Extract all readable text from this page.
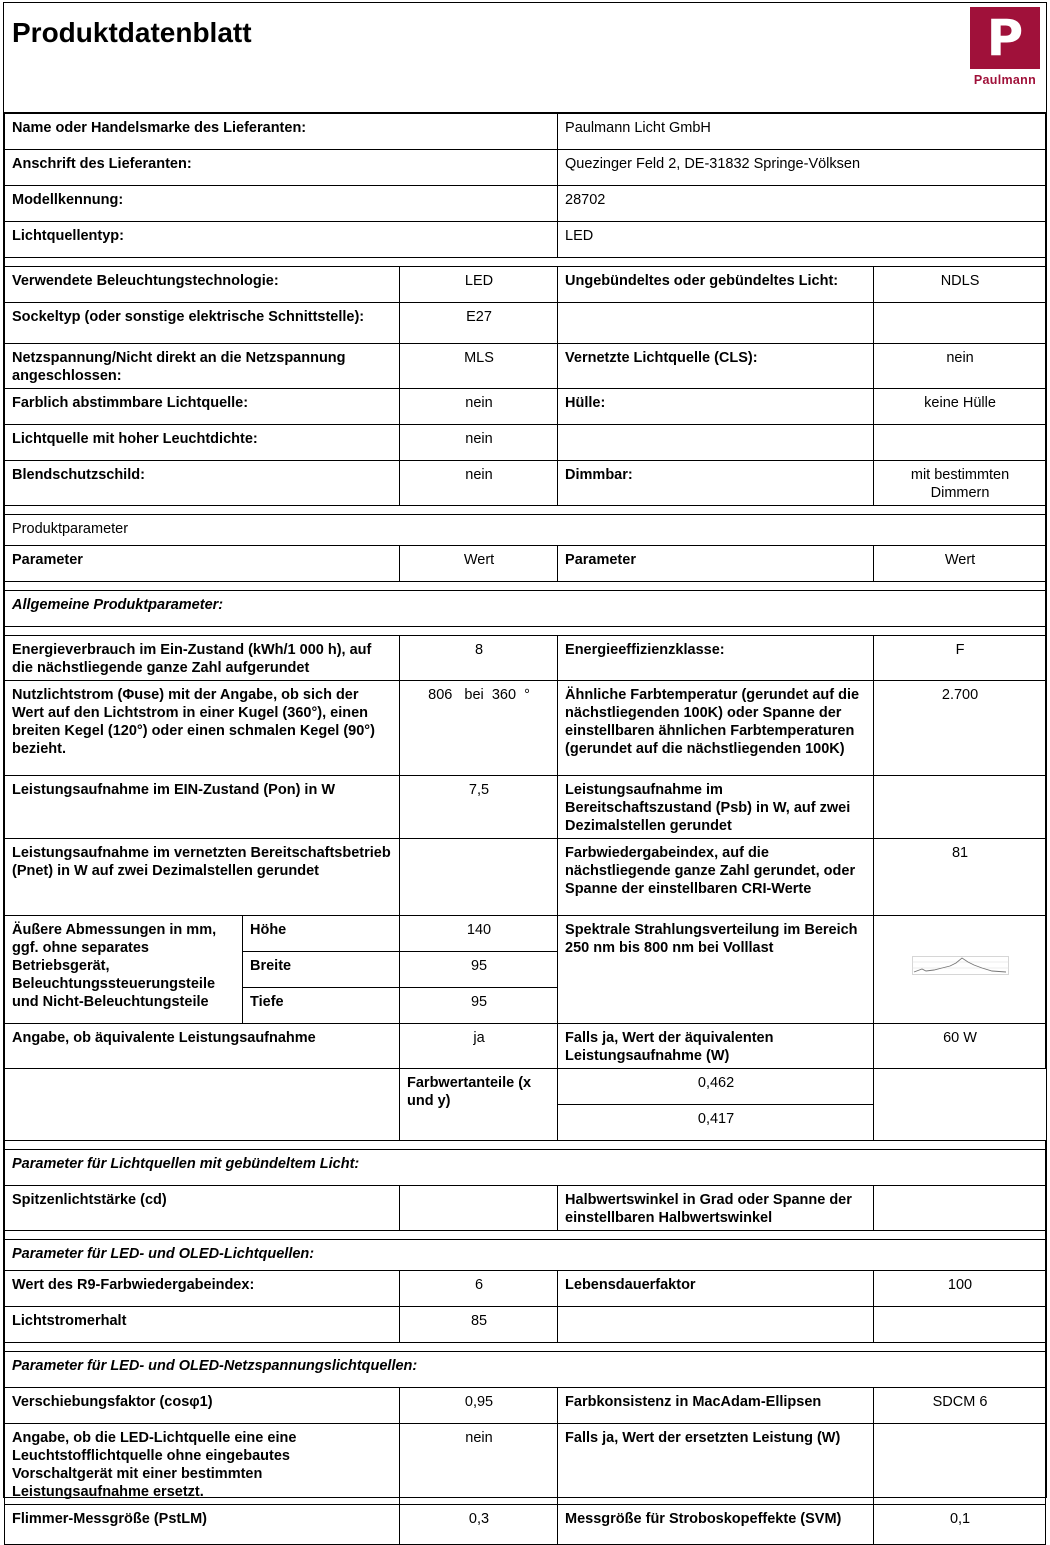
Produktdatenblatt	P
Paulmann
Name oder Handelsmarke des Lieferanten:			Paulmann Licht GmbH	
Anschrift des Lieferanten:			Quezinger Feld 2, DE-31832 Springe-Völksen	
Modellkennung:			28702	
Lichtquellentyp:			LED	

Verwendete Beleuchtungstechnologie:		LED	Ungebündeltes oder gebündeltes Licht:	NDLS
Sockeltyp (oder sonstige elektrische Schnittstelle):		E27		
Netzspannung/Nicht direkt an die Netzspannung angeschlossen:		MLS	Vernetzte Lichtquelle (CLS):	nein
Farblich abstimmbare Lichtquelle:		nein	Hülle:	keine Hülle
Lichtquelle mit hoher Leuchtdichte:		nein		
Blendschutzschild:		nein	Dimmbar:	mit bestimmten Dimmern

Produktparameter				
Parameter		Wert	Parameter	Wert

Allgemeine Produktparameter:				

Energieverbrauch im Ein-Zustand (kWh/1 000 h), auf die nächstliegende ganze Zahl aufgerundet		8	Energieeffizienzklasse:	F
Nutzlichtstrom (Φuse) mit der Angabe, ob sich der Wert auf den Lichtstrom in einer Kugel (360°), einen breiten Kegel (120°) oder einen schmalen Kegel (90°) bezieht.		806   bei  360  °	Ähnliche Farbtemperatur (gerundet auf die nächstliegenden 100K) oder Spanne der einstellbaren ähnlichen Farbtemperaturen (gerundet auf die nächstliegenden 100K)	2.700
Leistungsaufnahme im EIN-Zustand (Pon) in W		7,5	Leistungsaufnahme im Bereitschaftszustand (Psb) in W, auf zwei Dezimalstellen gerundet	
Leistungsaufnahme im vernetzten Bereitschaftsbetrieb (Pnet) in W auf zwei Dezimalstellen gerundet			Farbwiedergabeindex, auf die nächstliegende ganze Zahl gerundet, oder Spanne der einstellbaren CRI-Werte	81
Äußere Abmessungen in mm, ggf. ohne separates Betriebsgerät, Beleuchtungssteuerungsteile und Nicht-Beleuchtungsteile	Höhe	140	Spektrale Strahlungsverteilung im Bereich 250 nm bis 800 nm bei Volllast	

	Breite	95		
	Tiefe	95		
Angabe, ob äquivalente Leistungsaufnahme		ja	Falls ja, Wert der äquivalenten Leistungsaufnahme (W)	60 W
		Farbwertanteile (x und y)	0,462	
			0,417	

Parameter für Lichtquellen mit gebündeltem Licht:				
Spitzenlichtstärke (cd)			Halbwertswinkel in Grad oder Spanne der einstellbaren Halbwertswinkel	

Parameter für LED- und OLED-Lichtquellen:				
Wert des R9-Farbwiedergabeindex:		6	Lebensdauerfaktor	100
Lichtstromerhalt		85		

Parameter für LED- und OLED-Netzspannungslichtquellen:				
Verschiebungsfaktor (cosφ1)		0,95	Farbkonsistenz in MacAdam-Ellipsen	SDCM 6
Angabe, ob die LED-Lichtquelle eine eine Leuchtstofflichtquelle ohne eingebautes Vorschaltgerät mit einer bestimmten Leistungsaufnahme ersetzt.		nein	Falls ja, Wert der ersetzten Leistung (W)	
Flimmer-Messgröße (PstLM)		0,3	Messgröße für Stroboskopeffekte (SVM)	0,1
